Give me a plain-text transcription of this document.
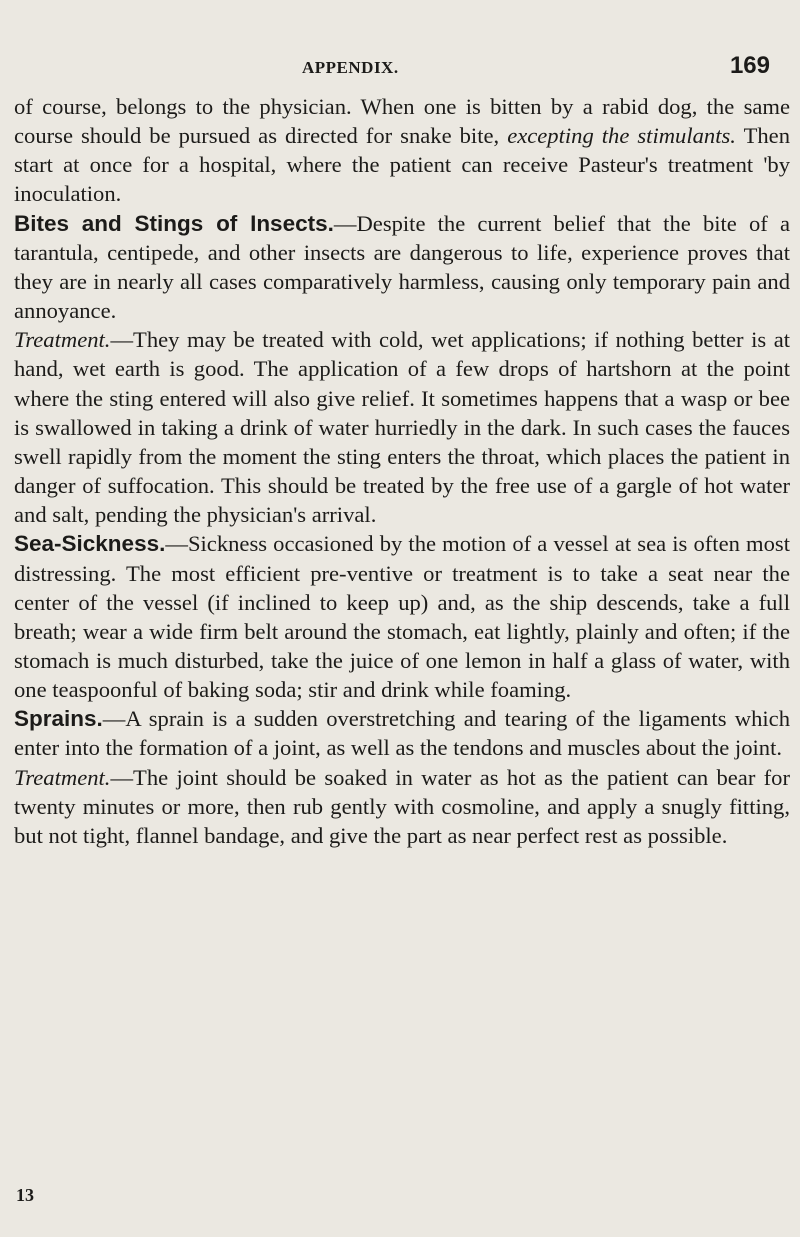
APPENDIX.	169

of course, belongs to the physician. When one is bitten by a rabid dog, the same course should be pursued as directed for snake bite, excepting the stimulants. Then start at once for a hospital, where the patient can receive Pasteur's treatment 'by inoculation.

Bites and Stings of Insects.—Despite the current belief that the bite of a tarantula, centipede, and other insects are dangerous to life, experience proves that they are in nearly all cases comparatively harmless, causing only temporary pain and annoyance.

Treatment.—They may be treated with cold, wet applications; if nothing better is at hand, wet earth is good. The application of a few drops of hartshorn at the point where the sting entered will also give relief. It sometimes happens that a wasp or bee is swallowed in taking a drink of water hurriedly in the dark. In such cases the fauces swell rapidly from the moment the sting enters the throat, which places the patient in danger of suffocation. This should be treated by the free use of a gargle of hot water and salt, pending the physician's arrival.

Sea-Sickness.—Sickness occasioned by the motion of a vessel at sea is often most distressing. The most efficient pre-ventive or treatment is to take a seat near the center of the vessel (if inclined to keep up) and, as the ship descends, take a full breath; wear a wide firm belt around the stomach, eat lightly, plainly and often; if the stomach is much disturbed, take the juice of one lemon in half a glass of water, with one teaspoonful of baking soda; stir and drink while foaming.

Sprains.—A sprain is a sudden overstretching and tearing of the ligaments which enter into the formation of a joint, as well as the tendons and muscles about the joint.

Treatment.—The joint should be soaked in water as hot as the patient can bear for twenty minutes or more, then rub gently with cosmoline, and apply a snugly fitting, but not tight, flannel bandage, and give the part as near perfect rest as possible.

13
